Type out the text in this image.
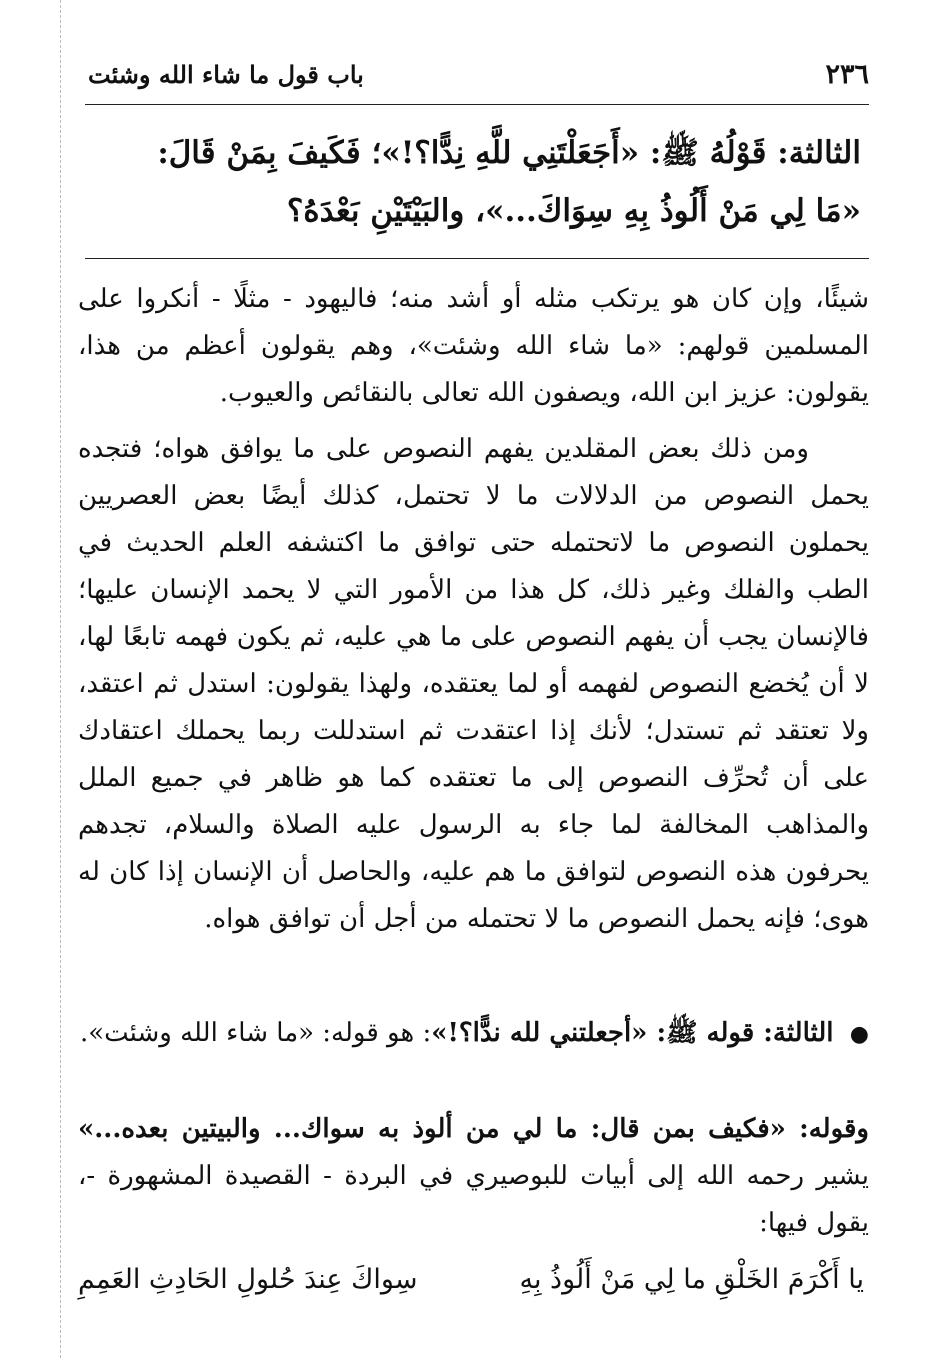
٢٣٦
باب قول ما شاء الله وشئت
الثالثة: قَوْلُهُ ﷺ: «أَجَعَلْتَنِي للَّهِ نِدًّا؟!»؛ فَكَيفَ بِمَنْ قَالَ:
«مَا لِي مَنْ أَلُوذُ بِهِ سِوَاكَ...»، والبَيْتَيْنِ بَعْدَهُ؟

شيئًا، وإن كان هو يرتكب مثله أو أشد منه؛ فاليهود - مثلًا - أنكروا على المسلمين قولهم: «ما شاء الله وشئت»، وهم يقولون أعظم من هذا، يقولون: عزيز ابن الله، ويصفون الله تعالى بالنقائص والعيوب.

ومن ذلك بعض المقلدين يفهم النصوص على ما يوافق هواه؛ فتجده يحمل النصوص من الدلالات ما لا تحتمل، كذلك أيضًا بعض العصريين يحملون النصوص ما لاتحتمله حتى توافق ما اكتشفه العلم الحديث في الطب والفلك وغير ذلك، كل هذا من الأمور التي لا يحمد الإنسان عليها؛ فالإنسان يجب أن يفهم النصوص على ما هي عليه، ثم يكون فهمه تابعًا لها، لا أن يُخضع النصوص لفهمه أو لما يعتقده، ولهذا يقولون: استدل ثم اعتقد، ولا تعتقد ثم تستدل؛ لأنك إذا اعتقدت ثم استدللت ربما يحملك اعتقادك على أن تُحرِّف النصوص إلى ما تعتقده كما هو ظاهر في جميع الملل والمذاهب المخالفة لما جاء به الرسول عليه الصلاة والسلام، تجدهم يحرفون هذه النصوص لتوافق ما هم عليه، والحاصل أن الإنسان إذا كان له هوى؛ فإنه يحمل النصوص ما لا تحتمله من أجل أن توافق هواه.

● الثالثة: قوله ﷺ: «أجعلتني لله ندًّا؟!»: هو قوله: «ما شاء الله وشئت».

وقوله: «فكيف بمن قال: ما لي من ألوذ به سواك... والبيتين بعده...» يشير رحمه الله إلى أبيات للبوصيري في البردة - القصيدة المشهورة -، يقول فيها:

يا أَكْرَمَ الخَلْقِ ما لِي مَنْ أَلُوذُ بِهِ
سِواكَ عِندَ حُلولِ الحَادِثِ العَمِمِ
